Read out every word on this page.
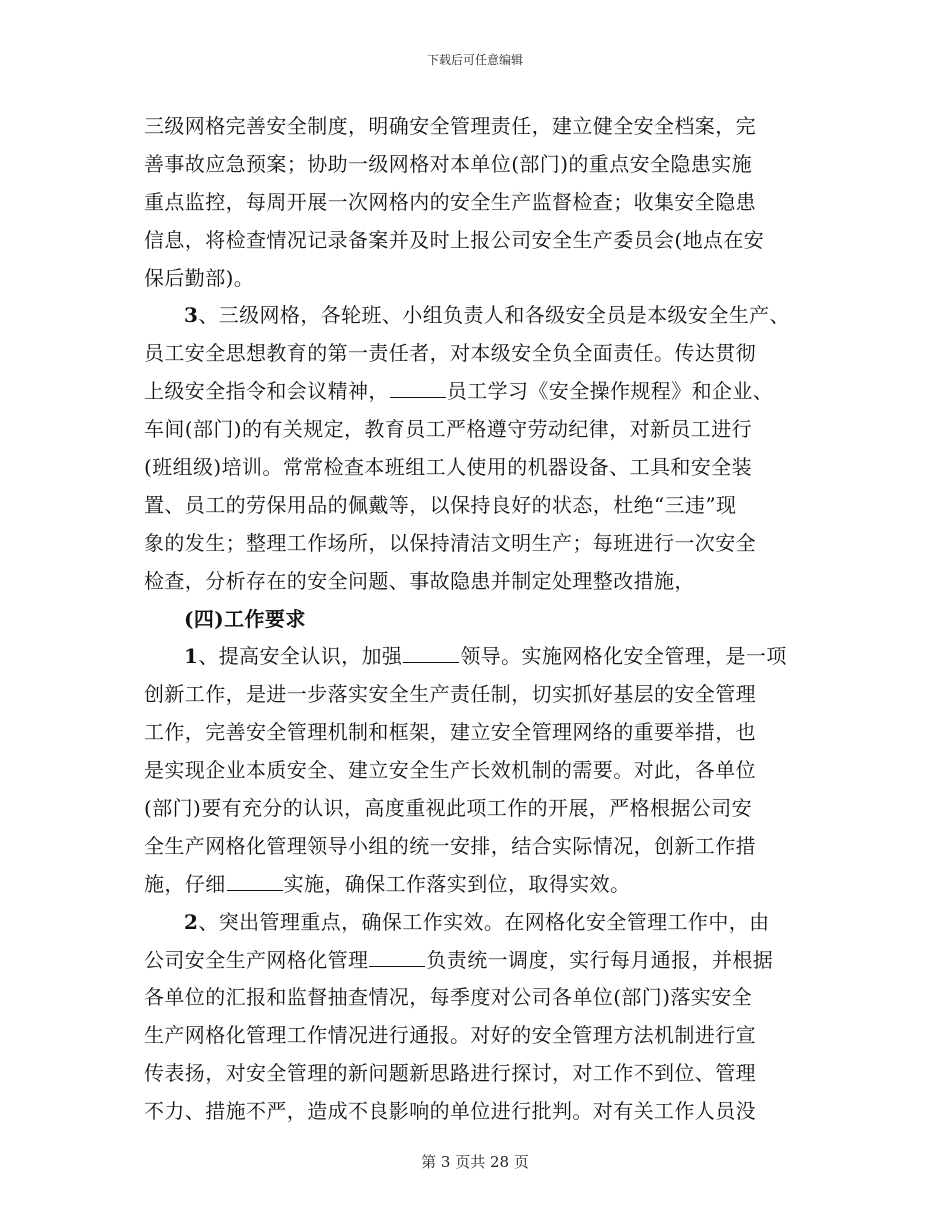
下载后可任意编辑
三级网格完善安全制度，明确安全管理责任，建立健全安全档案，完
善事故应急预案；协助一级网格对本单位(部门)的重点安全隐患实施
重点监控，每周开展一次网格内的安全生产监督检查；收集安全隐患
信息，将检查情况记录备案并及时上报公司安全生产委员会(地点在安
保后勤部)。
3、三级网格，各轮班、小组负责人和各级安全员是本级安全生产、
员工安全思想教育的第一责任者，对本级安全负全面责任。传达贯彻
上级安全指令和会议精神，	员工学习《安全操作规程》和企业、
车间(部门)的有关规定，教育员工严格遵守劳动纪律，对新员工进行
(班组级)培训。常常检查本班组工人使用的机器设备、工具和安全装
置、员工的劳保用品的佩戴等，以保持良好的状态，杜绝“三违”现
象的发生；整理工作场所，以保持清洁文明生产；每班进行一次安全
检查，分析存在的安全问题、事故隐患并制定处理整改措施，
(四)工作要求
1、提高安全认识，加强	领导。实施网格化安全管理，是一项
创新工作，是进一步落实安全生产责任制，切实抓好基层的安全管理
工作，完善安全管理机制和框架，建立安全管理网络的重要举措，也
是实现企业本质安全、建立安全生产长效机制的需要。对此，各单位
(部门)要有充分的认识，高度重视此项工作的开展，严格根据公司安
全生产网格化管理领导小组的统一安排，结合实际情况，创新工作措
施，仔细	实施，确保工作落实到位，取得实效。
2、突出管理重点，确保工作实效。在网格化安全管理工作中，由
公司安全生产网格化管理	负责统一调度，实行每月通报，并根据
各单位的汇报和监督抽查情况，每季度对公司各单位(部门)落实安全
生产网格化管理工作情况进行通报。对好的安全管理方法机制进行宣
传表扬，对安全管理的新问题新思路进行探讨，对工作不到位、管理
不力、措施不严，造成不良影响的单位进行批判。对有关工作人员没
第 3 页共 28 页
